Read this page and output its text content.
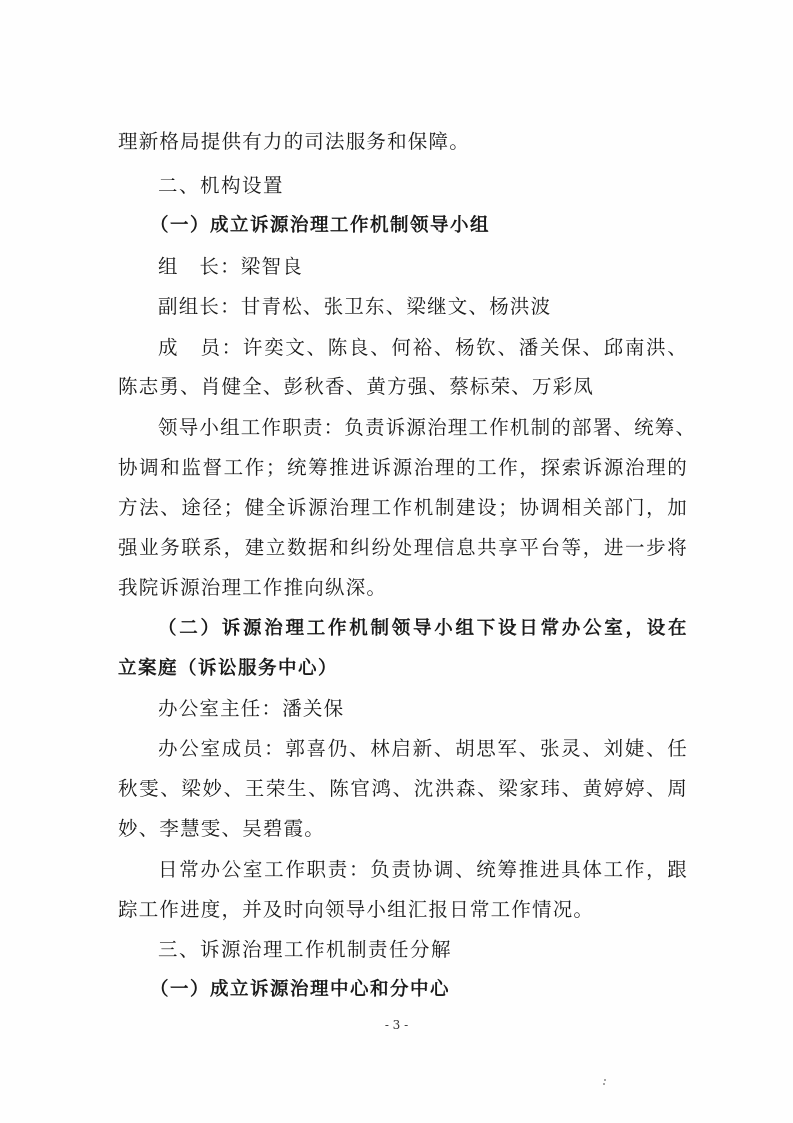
理新格局提供有力的司法服务和保障。
二、机构设置
（一）成立诉源治理工作机制领导小组
组　长：梁智良
副组长：甘青松、张卫东、梁继文、杨洪波
成　员：许奕文、陈良、何裕、杨钦、潘关保、邱南洪、
陈志勇、肖健全、彭秋香、黄方强、蔡标荣、万彩凤
领导小组工作职责：负责诉源治理工作机制的部署、统筹、
协调和监督工作；统筹推进诉源治理的工作，探索诉源治理的
方法、途径；健全诉源治理工作机制建设；协调相关部门，加
强业务联系，建立数据和纠纷处理信息共享平台等，进一步将
我院诉源治理工作推向纵深。
（二）诉源治理工作机制领导小组下设日常办公室，设在
立案庭（诉讼服务中心）
办公室主任：潘关保
办公室成员：郭喜仍、林启新、胡思军、张灵、刘婕、任
秋雯、梁妙、王荣生、陈官鸿、沈洪森、梁家玮、黄婷婷、周
妙、李慧雯、吴碧霞。
日常办公室工作职责：负责协调、统筹推进具体工作，跟
踪工作进度，并及时向领导小组汇报日常工作情况。
三、诉源治理工作机制责任分解
（一）成立诉源治理中心和分中心
- 3 -
